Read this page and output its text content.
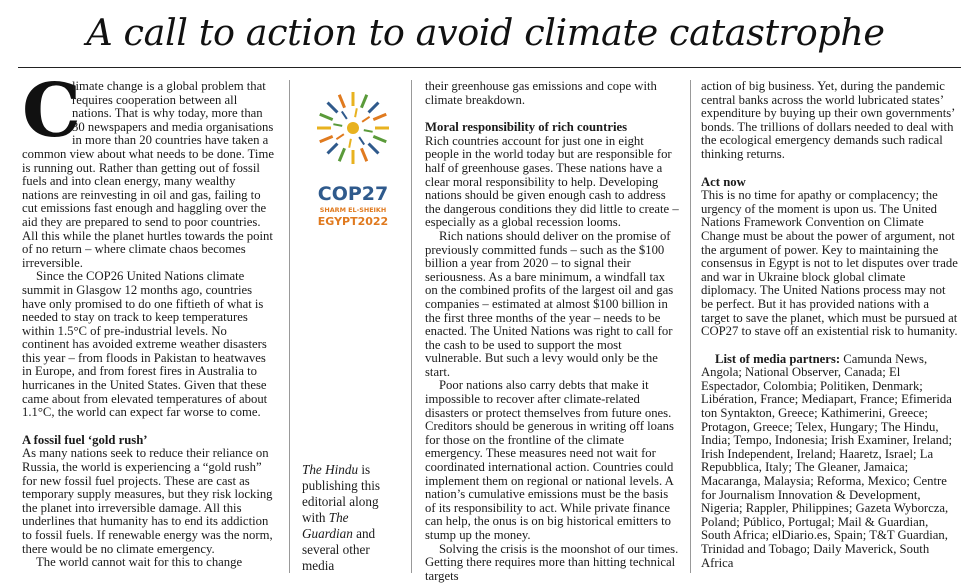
A call to action to avoid climate catastrophe
C

limate change is a global problem that requires cooperation between all nations. That is why today, more than 30 newspapers and media organisations in more than 20 countries have taken a common view about what needs to be done. Time is running out. Rather than getting out of fossil fuels and into clean energy, many wealthy nations are reinvesting in oil and gas, failing to cut emissions fast enough and haggling over the aid they are prepared to send to poor countries. All this while the planet hurtles towards the point of no return – where climate chaos becomes irreversible.

Since the COP26 United Nations climate summit in Glasgow 12 months ago, countries have only promised to do one fiftieth of what is needed to stay on track to keep temperatures within 1.5°C of pre-industrial levels. No continent has avoided extreme weather disasters this year – from floods in Pakistan to heatwaves in Europe, and from forest fires in Australia to hurricanes in the United States. Given that these came about from elevated temperatures of about 1.1°C, the world can expect far worse to come.

A fossil fuel ‘gold rush’

As many nations seek to reduce their reliance on Russia, the world is experiencing a “gold rush” for new fossil fuel projects. These are cast as temporary supply measures, but they risk locking the planet into irreversible damage. All this underlines that humanity has to end its addiction to fossil fuels. If renewable energy was the norm, there would be no climate emergency.

The world cannot wait for this to change

COP27
SHARM EL-SHEIKH
EGYPT2022
The Hindu is publishing this editorial along with The Guardian and several other media

their greenhouse gas emissions and cope with climate breakdown.

Moral responsibility of rich countries

Rich countries account for just one in eight people in the world today but are responsible for half of greenhouse gases. These nations have a clear moral responsibility to help. Developing nations should be given enough cash to address the dangerous conditions they did little to create – especially as a global recession looms.

Rich nations should deliver on the promise of previously committed funds – such as the $100 billion a year from 2020 – to signal their seriousness. As a bare minimum, a windfall tax on the combined profits of the largest oil and gas companies – estimated at almost $100 billion in the first three months of the year – needs to be enacted. The United Nations was right to call for the cash to be used to support the most vulnerable. But such a levy would only be the start.

Poor nations also carry debts that make it impossible to recover after climate-related disasters or protect themselves from future ones. Creditors should be generous in writing off loans for those on the frontline of the climate emergency. These measures need not wait for coordinated international action. Countries could implement them on regional or national levels. A nation’s cumulative emissions must be the basis of its responsibility to act. While private finance can help, the onus is on big historical emitters to stump up the money.

Solving the crisis is the moonshot of our times. Getting there requires more than hitting technical targets

action of big business. Yet, during the pandemic central banks across the world lubricated states’ expenditure by buying up their own governments’ bonds. The trillions of dollars needed to deal with the ecological emergency demands such radical thinking returns.

Act now

This is no time for apathy or complacency; the urgency of the moment is upon us. The United Nations Framework Convention on Climate Change must be about the power of argument, not the argument of power. Key to maintaining the consensus in Egypt is not to let disputes over trade and war in Ukraine block global climate diplomacy. The United Nations process may not be perfect. But it has provided nations with a target to save the planet, which must be pursued at COP27 to stave off an existential risk to humanity.

List of media partners: Camunda News, Angola; National Observer, Canada; El Espectador, Colombia; Politiken, Denmark; Libération, France; Mediapart, France; Efimerida ton Syntakton, Greece; Kathimerini, Greece; Protagon, Greece; Telex, Hungary; The Hindu, India; Tempo, Indonesia; Irish Examiner, Ireland; Irish Independent, Ireland; Haaretz, Israel; La Repubblica, Italy; The Gleaner, Jamaica; Macaranga, Malaysia; Reforma, Mexico; Centre for Journalism Innovation & Development, Nigeria; Rappler, Philippines; Gazeta Wyborcza, Poland; Público, Portugal; Mail & Guardian, South Africa; elDiario.es, Spain; T&T Guardian, Trinidad and Tobago; Daily Maverick, South Africa
